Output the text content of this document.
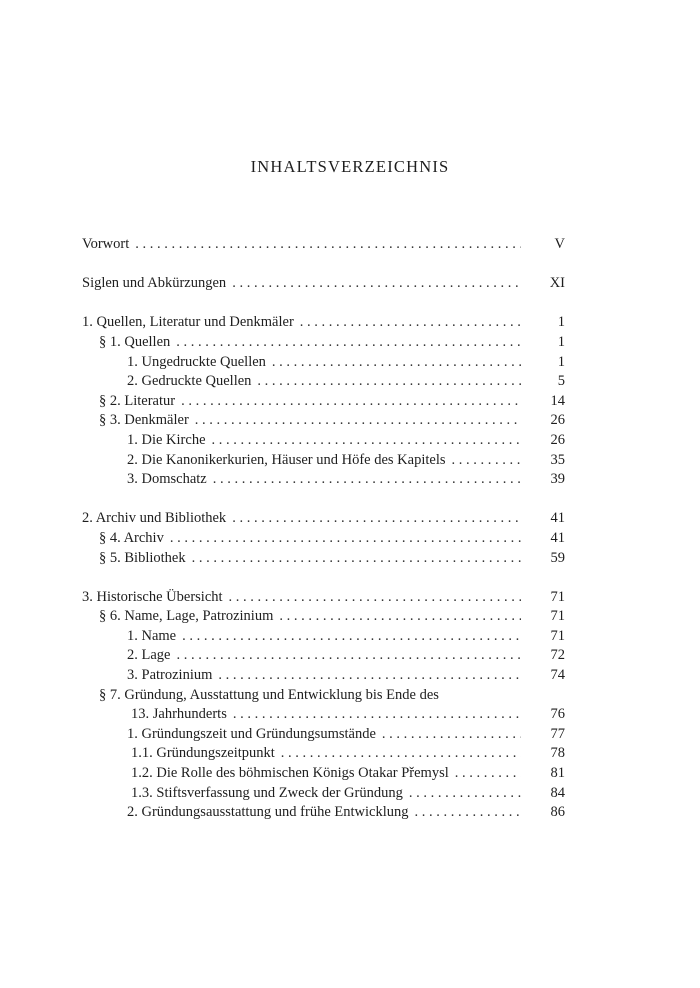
INHALTSVERZEICHNIS
Vorwort . . .	V
Siglen und Abkürzungen . . .	XI
1. Quellen, Literatur und Denkmäler . . .	1
§ 1. Quellen . . .	1
1. Ungedruckte Quellen . . .	1
2. Gedruckte Quellen . . .	5
§ 2. Literatur . . .	14
§ 3. Denkmäler . . .	26
1. Die Kirche . . .	26
2. Die Kanonikerkurien, Häuser und Höfe des Kapitels . . .	35
3. Domschatz . . .	39
2. Archiv und Bibliothek . . .	41
§ 4. Archiv . . .	41
§ 5. Bibliothek . . .	59
3. Historische Übersicht . . .	71
§ 6. Name, Lage, Patrozinium . . .	71
1. Name . . .	71
2. Lage . . .	72
3. Patrozinium . . .	74
§ 7. Gründung, Ausstattung und Entwicklung bis Ende des
13. Jahrhunderts . . .	76
1. Gründungszeit und Gründungsumstände . . .	77
1.1. Gründungszeitpunkt . . .	78
1.2. Die Rolle des böhmischen Königs Otakar Přemysl . . .	81
1.3. Stiftsverfassung und Zweck der Gründung . . .	84
2. Gründungsausstattung und frühe Entwicklung . . .	86
